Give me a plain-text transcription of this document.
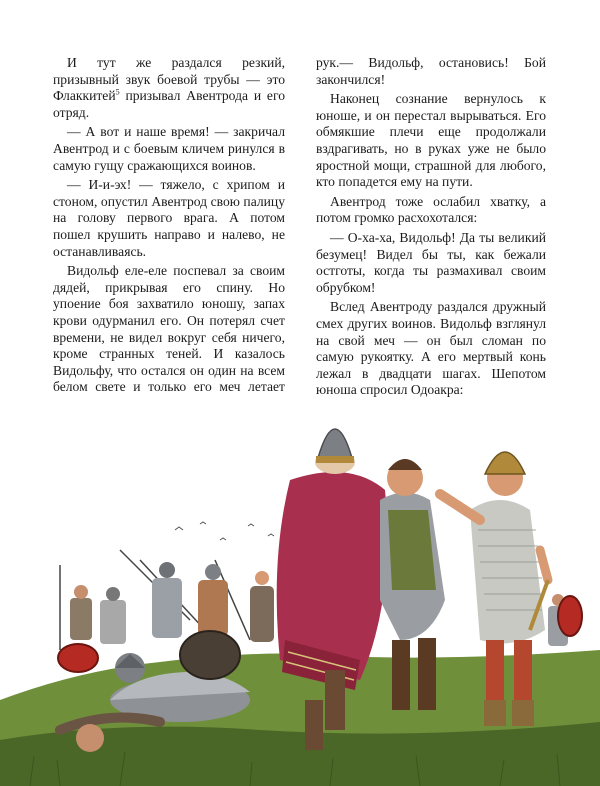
И тут же раздался резкий, призывный звук боевой трубы — это Флаккитей$^5$ призывал Авентрода и его отряд.

— А вот и наше время! — закричал Авентрод и с боевым кличем ринулся в самую гущу сражающихся воинов.

— И-и-эх! — тяжело, с хрипом и стоном, опустил Авентрод свою палицу на голову первого врага. А потом пошел крушить направо и налево, не останавливаясь.

Видольф еле-еле поспевал за своим дядей, прикрывая его спину. Но упоение боя захватило юношу, запах крови одурманил его. Он потерял счет времени, не видел вокруг себя ничего, кроме странных теней. И казалось Видольфу, что остался он один на всем белом свете и только его меч летает

рук.— Видольф, остановись! Бой закончился!

Наконец сознание вернулось к юноше, и он перестал вырываться. Его обмякшие плечи еще продолжали вздрагивать, но в руках уже не было яростной мощи, страшной для любого, кто попадется ему на пути.

Авентрод тоже ослабил хватку, а потом громко расхохотался:

— О-ха-ха, Видольф! Да ты великий безумец! Видел бы ты, как бежали остготы, когда ты размахивал своим обрубком!

Вслед Авентроду раздался дружный смех других воинов. Видольф взглянул на свой меч — он был сломан по самую рукоятку. А его мертвый конь лежал в двадцати шагах. Шепотом юноша спросил Одоакра:
